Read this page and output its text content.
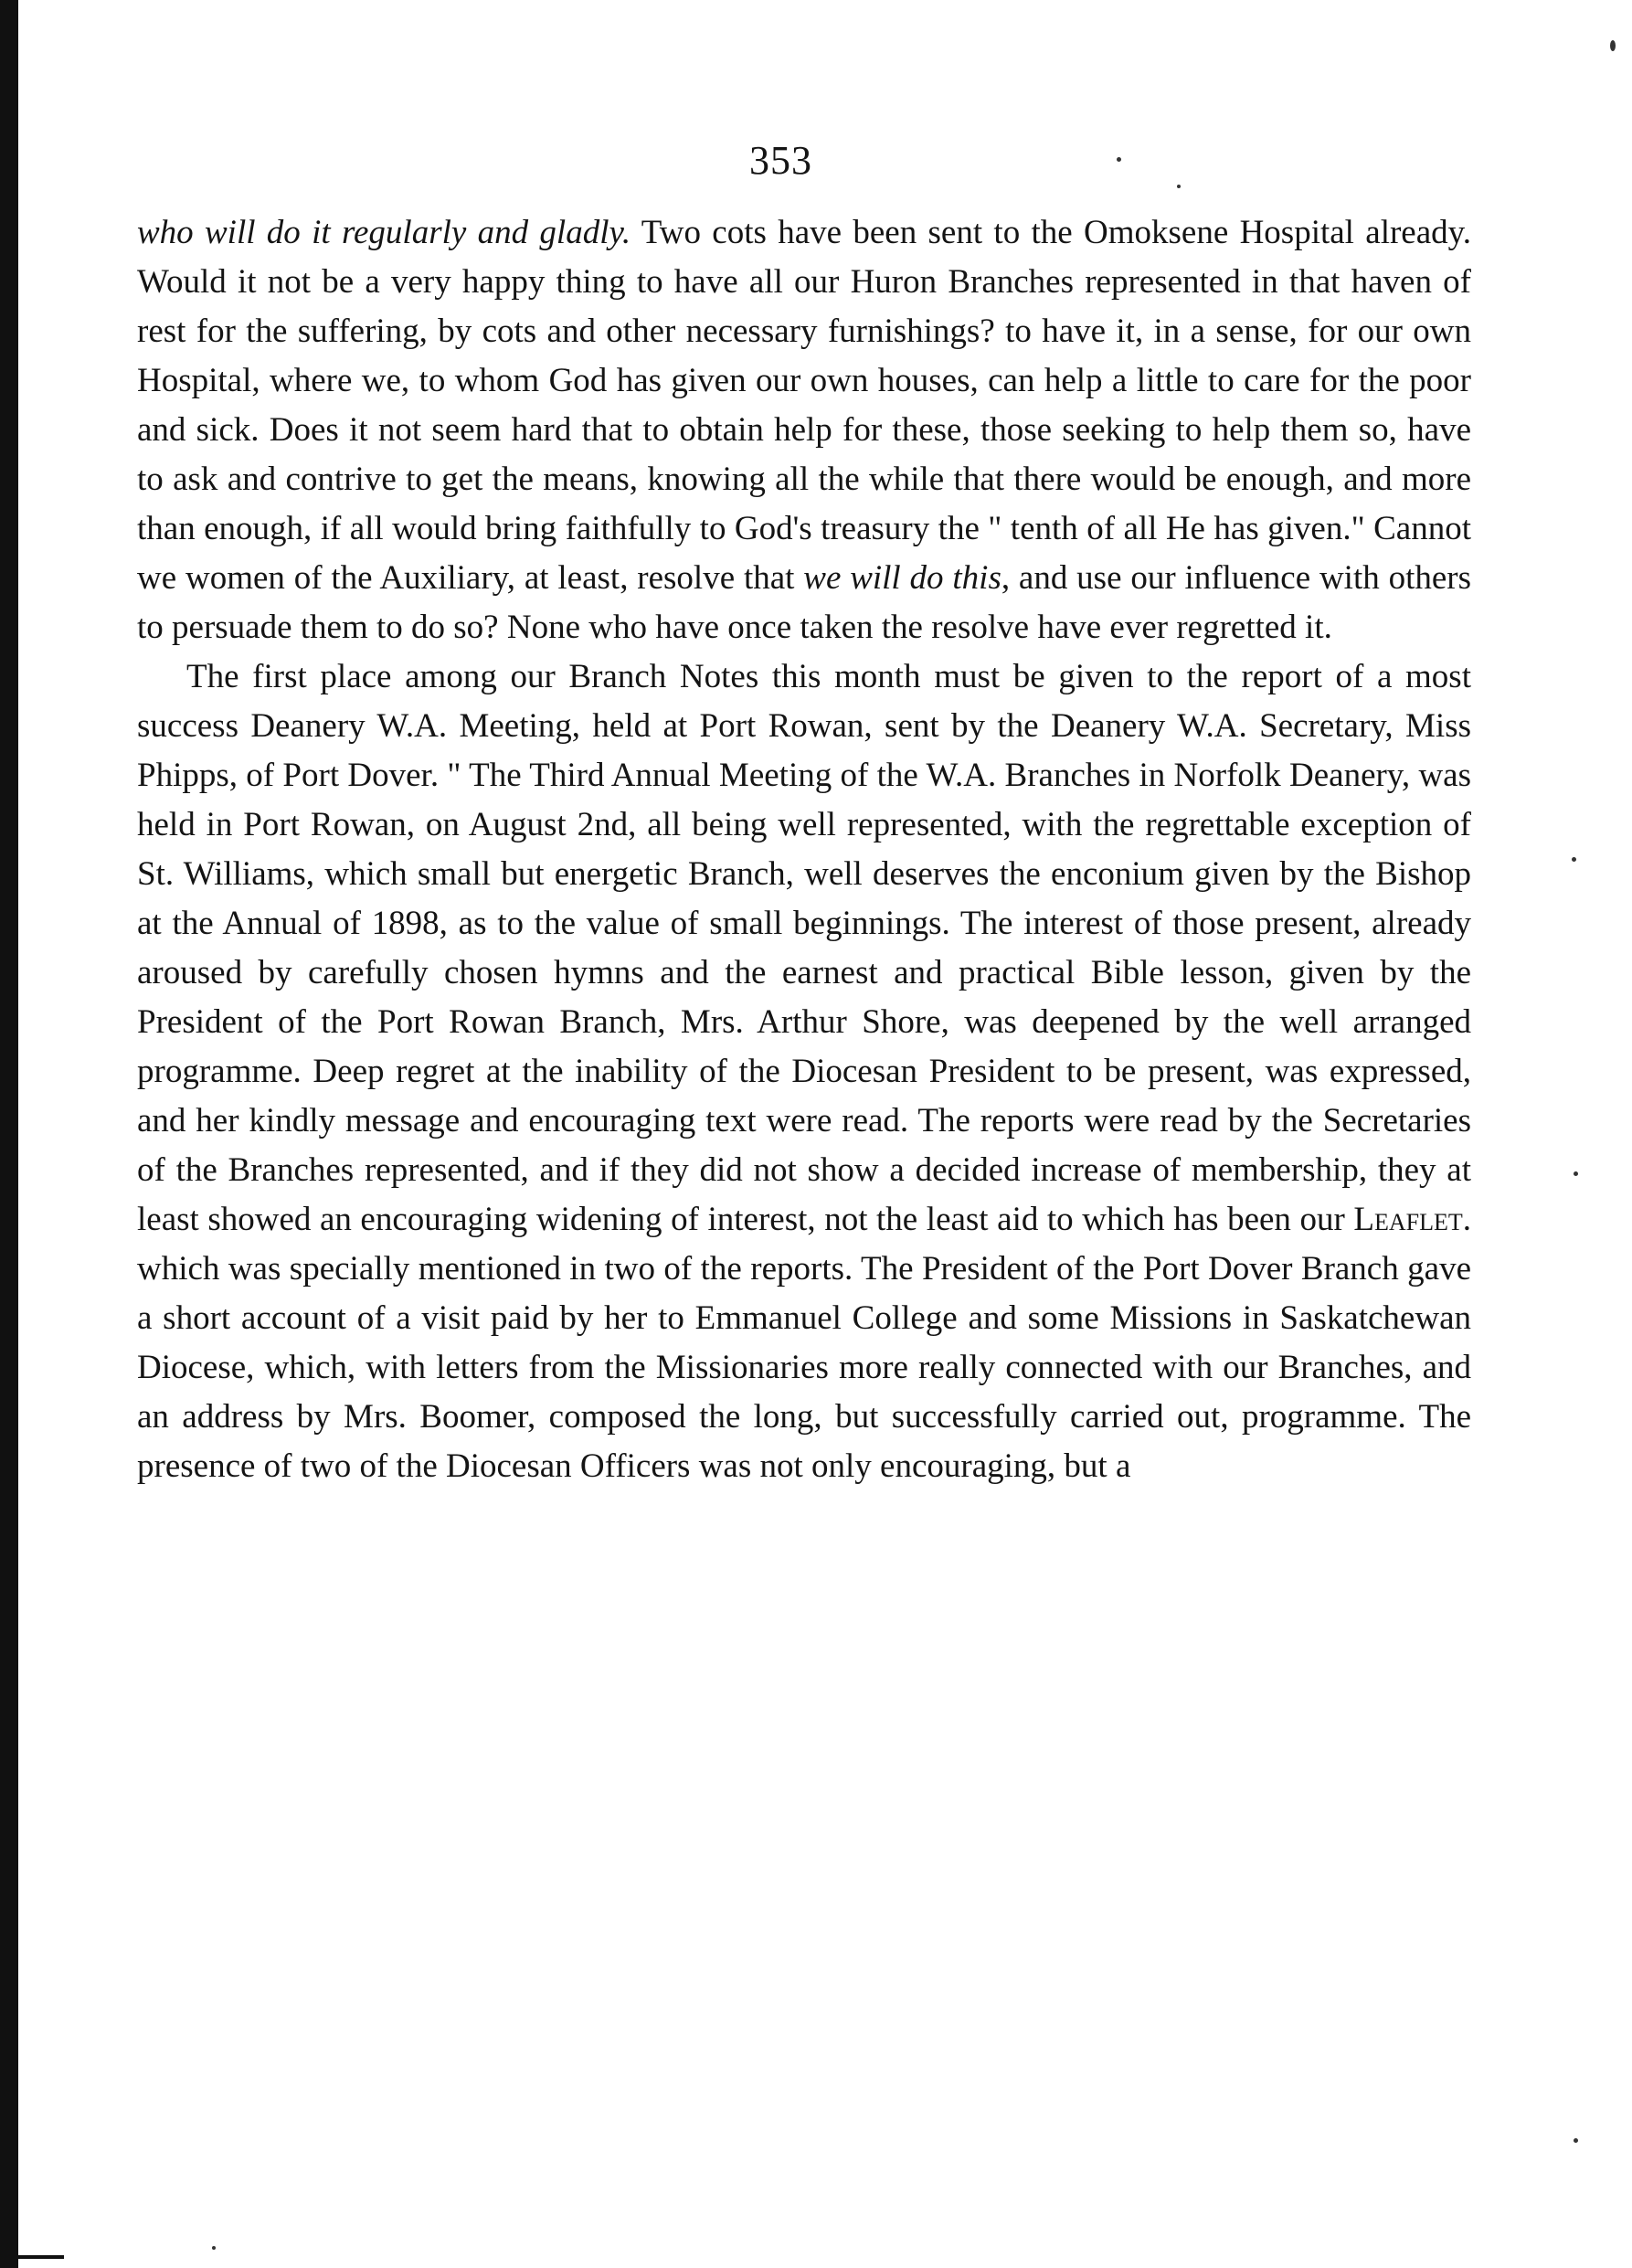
353

who will do it regularly and gladly. Two cots have been sent to the Omoksene Hospital already. Would it not be a very happy thing to have all our Huron Branches represented in that haven of rest for the suffering, by cots and other necessary furnishings? to have it, in a sense, for our own Hospital, where we, to whom God has given our own houses, can help a little to care for the poor and sick. Does it not seem hard that to obtain help for these, those seeking to help them so, have to ask and contrive to get the means, knowing all the while that there would be enough, and more than enough, if all would bring faithfully to God's treasury the " tenth of all He has given." Cannot we women of the Auxiliary, at least, resolve that we will do this, and use our influence with others to persuade them to do so? None who have once taken the resolve have ever regretted it.

The first place among our Branch Notes this month must be given to the report of a most success Deanery W.A. Meeting, held at Port Rowan, sent by the Deanery W.A. Secretary, Miss Phipps, of Port Dover. " The Third Annual Meeting of the W.A. Branches in Norfolk Deanery, was held in Port Rowan, on August 2nd, all being well represented, with the regrettable exception of St. Williams, which small but energetic Branch, well deserves the enconium given by the Bishop at the Annual of 1898, as to the value of small beginnings. The interest of those present, already aroused by carefully chosen hymns and the earnest and practical Bible lesson, given by the President of the Port Rowan Branch, Mrs. Arthur Shore, was deepened by the well arranged programme. Deep regret at the inability of the Diocesan President to be present, was expressed, and her kindly message and encouraging text were read. The reports were read by the Secretaries of the Branches represented, and if they did not show a decided increase of membership, they at least showed an encouraging widening of interest, not the least aid to which has been our Leaflet. which was specially mentioned in two of the reports. The President of the Port Dover Branch gave a short account of a visit paid by her to Emmanuel College and some Missions in Saskatchewan Diocese, which, with letters from the Missionaries more really connected with our Branches, and an address by Mrs. Boomer, composed the long, but successfully carried out, programme. The presence of two of the Diocesan Officers was not only encouraging, but a
